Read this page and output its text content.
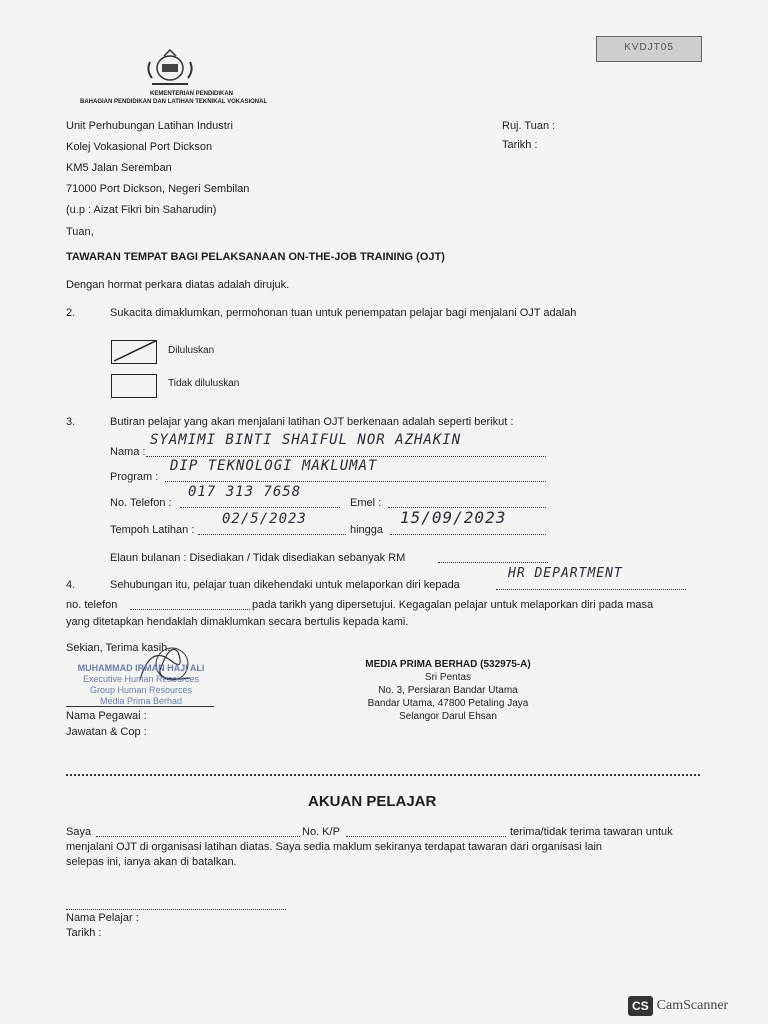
KVDJT05
KEMENTERIAN PENDIDIKAN
BAHAGIAN PENDIDIKAN DAN LATIHAN TEKNIKAL VOKASIONAL
Unit Perhubungan Latihan Industri
Kolej Vokasional Port Dickson
KM5 Jalan Seremban
71000 Port Dickson, Negeri Sembilan
(u.p : Aizat Fikri bin Saharudin)
Ruj. Tuan :
Tarikh :
Tuan,
TAWARAN TEMPAT BAGI PELAKSANAAN ON-THE-JOB TRAINING (OJT)
Dengan hormat perkara diatas adalah dirujuk.
2.	Sukacita dimaklumkan, permohonan tuan untuk penempatan pelajar bagi menjalani OJT adalah
Diluluskan
Tidak diluluskan
3.	Butiran pelajar yang akan menjalani latihan OJT berkenaan adalah seperti berikut :
Nama :
SYAMIMI BINTI SHAIFUL NOR AZHAKIN
Program :
DIP TEKNOLOGI MAKLUMAT
No. Telefon :
017 313 7658
Emel :
Tempoh Latihan :
02/5/2023
hingga
15/09/2023
Elaun bulanan : Disediakan / Tidak disediakan sebanyak RM
4.	Sehubungan itu, pelajar tuan dikehendaki untuk melaporkan diri kepada
HR DEPARTMENT
no. telefon	pada tarikh yang dipersetujui. Kegagalan pelajar untuk melaporkan diri pada masa
yang ditetapkan hendaklah dimaklumkan secara bertulis kepada kami.
Sekian, Terima kasih.
MUHAMMAD IRMAN HAJI ALI
Executive Human Resources
Group Human Resources
Media Prima Berhad
MEDIA PRIMA BERHAD (532975-A)
Sri Pentas
No. 3, Persiaran Bandar Utama
Bandar Utama, 47800 Petaling Jaya
Selangor Darul Ehsan
Nama Pegawai :
Jawatan & Cop :
AKUAN PELAJAR
Saya	No. K/P	terima/tidak terima tawaran untuk
menjalani OJT di organisasi latihan diatas. Saya sedia maklum sekiranya terdapat tawaran dari organisasi lain
selepas ini, ianya akan di batalkan.
Nama Pelajar :
Tarikh :
CS CamScanner
